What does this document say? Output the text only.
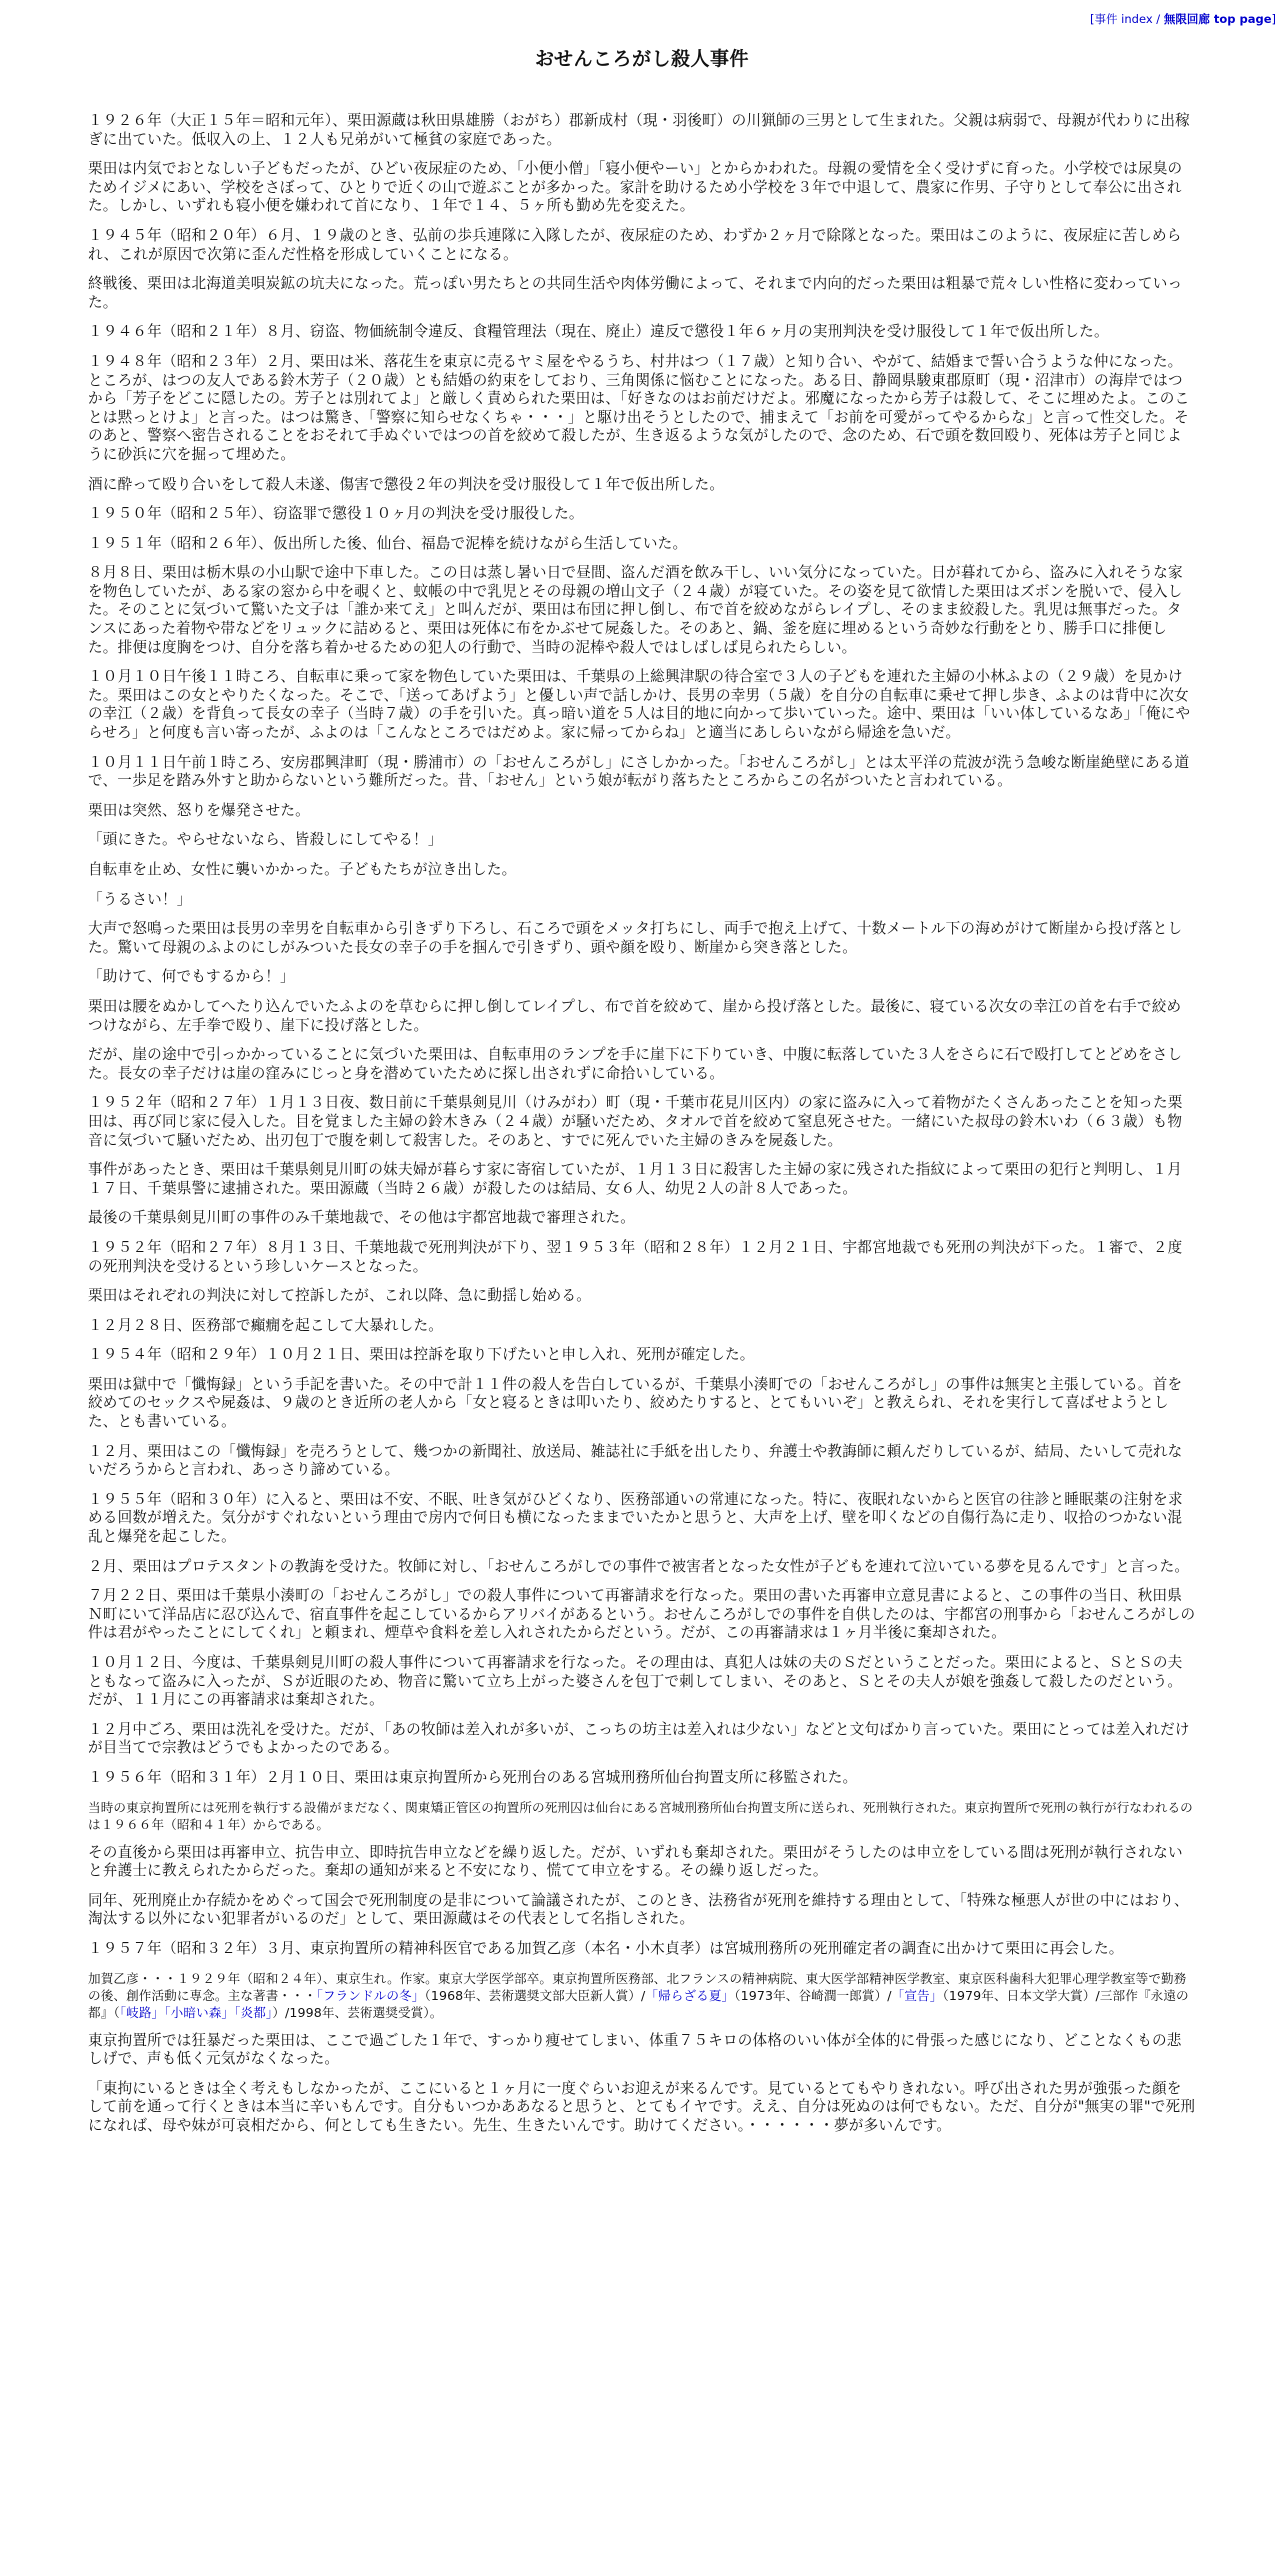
[事件 index / 無限回廊 top page]
おせんころがし殺人事件

１９２６年（大正１５年＝昭和元年）、栗田源蔵は秋田県雄勝（おがち）郡新成村（現・羽後町）の川猟師の三男として生まれた。父親は病弱で、母親が代わりに出稼ぎに出ていた。低収入の上、１２人も兄弟がいて極貧の家庭であった。

栗田は内気でおとなしい子どもだったが、ひどい夜尿症のため、「小便小僧」「寝小便やーい」とからかわれた。母親の愛情を全く受けずに育った。小学校では尿臭のためイジメにあい、学校をさぼって、ひとりで近くの山で遊ぶことが多かった。家計を助けるため小学校を３年で中退して、農家に作男、子守りとして奉公に出された。しかし、いずれも寝小便を嫌われて首になり、１年で１４、５ヶ所も勤め先を変えた。

１９４５年（昭和２０年）６月、１９歳のとき、弘前の歩兵連隊に入隊したが、夜尿症のため、わずか２ヶ月で除隊となった。栗田はこのように、夜尿症に苦しめられ、これが原因で次第に歪んだ性格を形成していくことになる。

終戦後、栗田は北海道美唄炭鉱の坑夫になった。荒っぽい男たちとの共同生活や肉体労働によって、それまで内向的だった栗田は粗暴で荒々しい性格に変わっていった。

１９４６年（昭和２１年）８月、窃盗、物価統制令違反、食糧管理法（現在、廃止）違反で懲役１年６ヶ月の実刑判決を受け服役して１年で仮出所した。

１９４８年（昭和２３年）２月、栗田は米、落花生を東京に売るヤミ屋をやるうち、村井はつ（１７歳）と知り合い、やがて、結婚まで誓い合うような仲になった。ところが、はつの友人である鈴木芳子（２０歳）とも結婚の約束をしており、三角関係に悩むことになった。ある日、静岡県駿東郡原町（現・沼津市）の海岸ではつから「芳子をどこに隠したの。芳子とは別れてよ」と厳しく責められた栗田は、「好きなのはお前だけだよ。邪魔になったから芳子は殺して、そこに埋めたよ。このことは黙っとけよ」と言った。はつは驚き、「警察に知らせなくちゃ・・・」と駆け出そうとしたので、捕まえて「お前を可愛がってやるからな」と言って性交した。そのあと、警察へ密告されることをおそれて手ぬぐいではつの首を絞めて殺したが、生き返るような気がしたので、念のため、石で頭を数回殴り、死体は芳子と同じように砂浜に穴を掘って埋めた。

酒に酔って殴り合いをして殺人未遂、傷害で懲役２年の判決を受け服役して１年で仮出所した。

１９５０年（昭和２５年）、窃盗罪で懲役１０ヶ月の判決を受け服役した。

１９５１年（昭和２６年）、仮出所した後、仙台、福島で泥棒を続けながら生活していた。

８月８日、栗田は栃木県の小山駅で途中下車した。この日は蒸し暑い日で昼間、盗んだ酒を飲み干し、いい気分になっていた。日が暮れてから、盗みに入れそうな家を物色していたが、ある家の窓から中を覗くと、蚊帳の中で乳児とその母親の増山文子（２４歳）が寝ていた。その姿を見て欲情した栗田はズボンを脱いで、侵入した。そのことに気づいて驚いた文子は「誰か来てえ」と叫んだが、栗田は布団に押し倒し、布で首を絞めながらレイプし、そのまま絞殺した。乳児は無事だった。タンスにあった着物や帯などをリュックに詰めると、栗田は死体に布をかぶせて屍姦した。そのあと、鍋、釜を庭に埋めるという奇妙な行動をとり、勝手口に排便した。排便は度胸をつけ、自分を落ち着かせるための犯人の行動で、当時の泥棒や殺人ではしばしば見られたらしい。

１０月１０日午後１１時ころ、自転車に乗って家を物色していた栗田は、千葉県の上総興津駅の待合室で３人の子どもを連れた主婦の小林ふよの（２９歳）を見かけた。栗田はこの女とやりたくなった。そこで、「送ってあげよう」と優しい声で話しかけ、長男の幸男（５歳）を自分の自転車に乗せて押し歩き、ふよのは背中に次女の幸江（２歳）を背負って長女の幸子（当時７歳）の手を引いた。真っ暗い道を５人は目的地に向かって歩いていった。途中、栗田は「いい体しているなあ」「俺にやらせろ」と何度も言い寄ったが、ふよのは「こんなところではだめよ。家に帰ってからね」と適当にあしらいながら帰途を急いだ。

１０月１１日午前１時ころ、安房郡興津町（現・勝浦市）の「おせんころがし」にさしかかった。「おせんころがし」とは太平洋の荒波が洗う急峻な断崖絶壁にある道で、一歩足を踏み外すと助からないという難所だった。昔、「おせん」という娘が転がり落ちたところからこの名がついたと言われている。

栗田は突然、怒りを爆発させた。

「頭にきた。やらせないなら、皆殺しにしてやる！」

自転車を止め、女性に襲いかかった。子どもたちが泣き出した。

「うるさい！」

大声で怒鳴った栗田は長男の幸男を自転車から引きずり下ろし、石ころで頭をメッタ打ちにし、両手で抱え上げて、十数メートル下の海めがけて断崖から投げ落とした。驚いて母親のふよのにしがみついた長女の幸子の手を掴んで引きずり、頭や顔を殴り、断崖から突き落とした。

「助けて、何でもするから！」

栗田は腰をぬかしてへたり込んでいたふよのを草むらに押し倒してレイプし、布で首を絞めて、崖から投げ落とした。最後に、寝ている次女の幸江の首を右手で絞めつけながら、左手拳で殴り、崖下に投げ落とした。

だが、崖の途中で引っかかっていることに気づいた栗田は、自転車用のランプを手に崖下に下りていき、中腹に転落していた３人をさらに石で殴打してとどめをさした。長女の幸子だけは崖の窪みにじっと身を潜めていたために探し出されずに命拾いしている。

１９５２年（昭和２７年）１月１３日夜、数日前に千葉県剣見川（けみがわ）町（現・千葉市花見川区内）の家に盗みに入って着物がたくさんあったことを知った栗田は、再び同じ家に侵入した。目を覚ました主婦の鈴木きみ（２４歳）が騒いだため、タオルで首を絞めて窒息死させた。一緒にいた叔母の鈴木いわ（６３歳）も物音に気づいて騒いだため、出刃包丁で腹を刺して殺害した。そのあと、すでに死んでいた主婦のきみを屍姦した。

事件があったとき、栗田は千葉県剣見川町の妹夫婦が暮らす家に寄宿していたが、１月１３日に殺害した主婦の家に残された指紋によって栗田の犯行と判明し、１月１７日、千葉県警に逮捕された。栗田源蔵（当時２６歳）が殺したのは結局、女６人、幼児２人の計８人であった。

最後の千葉県剣見川町の事件のみ千葉地裁で、その他は宇都宮地裁で審理された。

１９５２年（昭和２７年）８月１３日、千葉地裁で死刑判決が下り、翌１９５３年（昭和２８年）１２月２１日、宇都宮地裁でも死刑の判決が下った。１審で、２度の死刑判決を受けるという珍しいケースとなった。

栗田はそれぞれの判決に対して控訴したが、これ以降、急に動揺し始める。

１２月２８日、医務部で癲癇を起こして大暴れした。

１９５４年（昭和２９年）１０月２１日、栗田は控訴を取り下げたいと申し入れ、死刑が確定した。

栗田は獄中で「懺悔録」という手記を書いた。その中で計１１件の殺人を告白しているが、千葉県小湊町での「おせんころがし」の事件は無実と主張している。首を絞めてのセックスや屍姦は、９歳のとき近所の老人から「女と寝るときは叩いたり、絞めたりすると、とてもいいぞ」と教えられ、それを実行して喜ばせようとした、とも書いている。

１２月、栗田はこの「懺悔録」を売ろうとして、幾つかの新聞社、放送局、雑誌社に手紙を出したり、弁護士や教誨師に頼んだりしているが、結局、たいして売れないだろうからと言われ、あっさり諦めている。

１９５５年（昭和３０年）に入ると、栗田は不安、不眠、吐き気がひどくなり、医務部通いの常連になった。特に、夜眠れないからと医官の往診と睡眠薬の注射を求める回数が増えた。気分がすぐれないという理由で房内で何日も横になったままでいたかと思うと、大声を上げ、壁を叩くなどの自傷行為に走り、収拾のつかない混乱と爆発を起こした。

２月、栗田はプロテスタントの教誨を受けた。牧師に対し、「おせんころがしでの事件で被害者となった女性が子どもを連れて泣いている夢を見るんです」と言った。

７月２２日、栗田は千葉県小湊町の「おせんころがし」での殺人事件について再審請求を行なった。栗田の書いた再審申立意見書によると、この事件の当日、秋田県Ｎ町にいて洋品店に忍び込んで、宿直事件を起こしているからアリバイがあるという。おせんころがしでの事件を自供したのは、宇都宮の刑事から「おせんころがしの件は君がやったことにしてくれ」と頼まれ、煙草や食料を差し入れされたからだという。だが、この再審請求は１ヶ月半後に棄却された。

１０月１２日、今度は、千葉県剣見川町の殺人事件について再審請求を行なった。その理由は、真犯人は妹の夫のＳだということだった。栗田によると、ＳとＳの夫ともなって盗みに入ったが、Ｓが近眼のため、物音に驚いて立ち上がった婆さんを包丁で刺してしまい、そのあと、Ｓとその夫人が娘を強姦して殺したのだという。だが、１１月にこの再審請求は棄却された。

１２月中ごろ、栗田は洗礼を受けた。だが、「あの牧師は差入れが多いが、こっちの坊主は差入れは少ない」などと文句ばかり言っていた。栗田にとっては差入れだけが目当てで宗教はどうでもよかったのである。

１９５６年（昭和３１年）２月１０日、栗田は東京拘置所から死刑台のある宮城刑務所仙台拘置支所に移監された。

当時の東京拘置所には死刑を執行する設備がまだなく、関東矯正管区の拘置所の死刑囚は仙台にある宮城刑務所仙台拘置支所に送られ、死刑執行された。東京拘置所で死刑の執行が行なわれるのは１９６６年（昭和４１年）からである。

その直後から栗田は再審申立、抗告申立、即時抗告申立などを繰り返した。だが、いずれも棄却された。栗田がそうしたのは申立をしている間は死刑が執行されないと弁護士に教えられたからだった。棄却の通知が来ると不安になり、慌てて申立をする。その繰り返しだった。

同年、死刑廃止か存続かをめぐって国会で死刑制度の是非について論議されたが、このとき、法務省が死刑を維持する理由として、「特殊な極悪人が世の中にはおり、淘汰する以外にない犯罪者がいるのだ」として、栗田源蔵はその代表として名指しされた。

１９５７年（昭和３２年）３月、東京拘置所の精神科医官である加賀乙彦（本名・小木貞孝）は宮城刑務所の死刑確定者の調査に出かけて栗田に再会した。

加賀乙彦・・・１９２９年（昭和２４年）、東京生れ。作家。東京大学医学部卒。東京拘置所医務部、北フランスの精神病院、東大医学部精神医学教室、東京医科歯科大犯罪心理学教室等で勤務の後、創作活動に専念。主な著書・・・「フランドルの冬」（1968年、芸術選奨文部大臣新人賞）/「帰らざる夏」（1973年、谷崎潤一郎賞）/「宣告」（1979年、日本文学大賞）/三部作『永遠の都』（「岐路」「小暗い森」「炎都」）/1998年、芸術選奨受賞）。

東京拘置所では狂暴だった栗田は、ここで過ごした１年で、すっかり痩せてしまい、体重７５キロの体格のいい体が全体的に骨張った感じになり、どことなくもの悲しげで、声も低く元気がなくなった。

「東拘にいるときは全く考えもしなかったが、ここにいると１ヶ月に一度ぐらいお迎えが来るんです。見ているとてもやりきれない。呼び出された男が強張った顔をして前を通って行くときは本当に辛いもんです。自分もいつかああなると思うと、とてもイヤです。ええ、自分は死ぬのは何でもない。ただ、自分が"無実の罪"で死刑になれば、母や妹が可哀相だから、何としても生きたい。先生、生きたいんです。助けてください。・・・・・・夢が多いんです。
